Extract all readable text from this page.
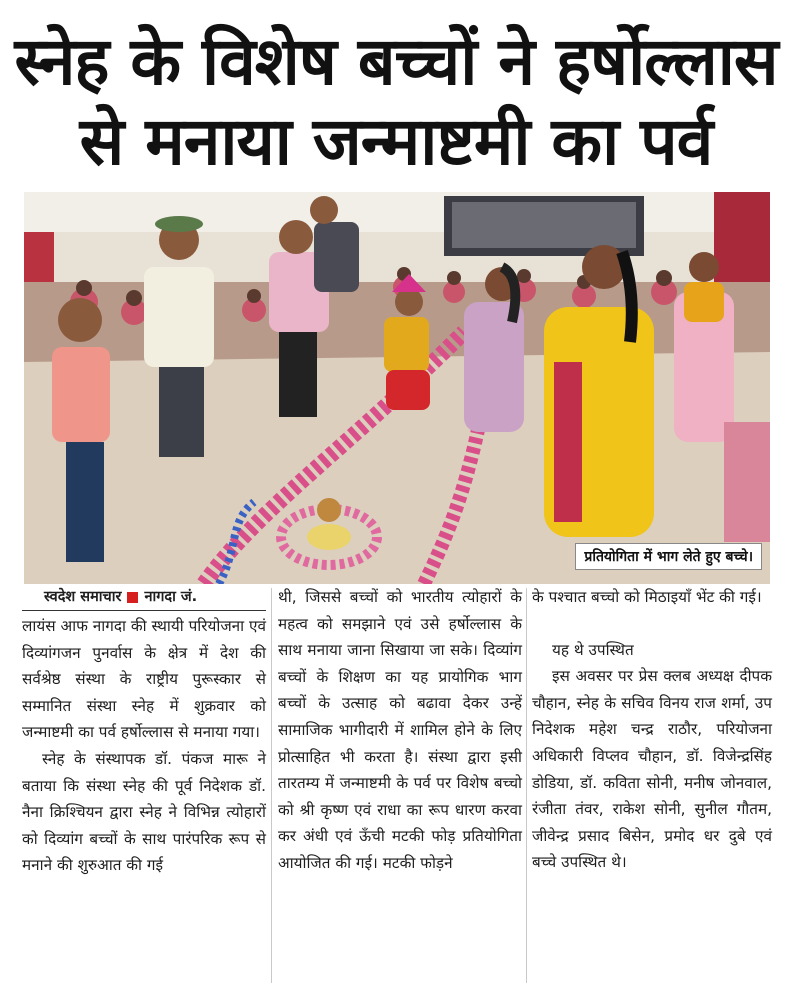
स्नेह के विशेष बच्चों ने हर्षोल्लास
से मनाया जन्माष्टमी का पर्व
प्रतियोगिता में भाग लेते हुए बच्चे।
स्वदेश समाचार नागदा जं.

लायंस आफ नागदा की स्थायी परियोजना एवं दिव्यांगजन पुनर्वास के क्षेत्र में देश की सर्वश्रेष्ठ संस्था के राष्ट्रीय पुरूस्कार से सम्मानित संस्था स्नेह में शुक्रवार को जन्माष्टमी का पर्व हर्षोल्लास से मनाया गया।

स्नेह के संस्थापक डॉ. पंकज मारू ने बताया कि संस्था स्नेह की पूर्व निदेशक डॉ. नैना क्रिश्चियन द्वारा स्नेह ने विभिन्न त्योहारों को दिव्यांग बच्चों के साथ पारंपरिक रूप से मनाने की शुरुआत की गई

थी, जिससे बच्चों को भारतीय त्योहारों के महत्व को समझाने एवं उसे हर्षोल्लास के साथ मनाया जाना सिखाया जा सके। दिव्यांग बच्चों के शिक्षण का यह प्रायोगिक भाग बच्चों के उत्साह को बढावा देकर उन्हें सामाजिक भागीदारी में शामिल होने के लिए प्रोत्साहित भी करता है। संस्था द्वारा इसी तारतम्य में जन्माष्टमी के पर्व पर विशेष बच्चो को श्री कृष्ण एवं राधा का रूप धारण करवा कर अंधी एवं ऊँची मटकी फोड़ प्रतियोगिता आयोजित की गई। मटकी फोड़ने

के पश्चात बच्चो को मिठाइयाँ भेंट की गई।

यह थे उपस्थित

इस अवसर पर प्रेस क्लब अध्यक्ष दीपक चौहान, स्नेह के सचिव विनय राज शर्मा, उप निदेशक महेश चन्द्र राठौर, परियोजना अधिकारी विप्लव चौहान, डॉ. विजेन्द्रसिंह डोडिया, डॉ. कविता सोनी, मनीष जोनवाल, रंजीता तंवर, राकेश सोनी, सुनील गौतम, जीवेन्द्र प्रसाद बिसेन, प्रमोद धर दुबे एवं बच्चे उपस्थित थे।
